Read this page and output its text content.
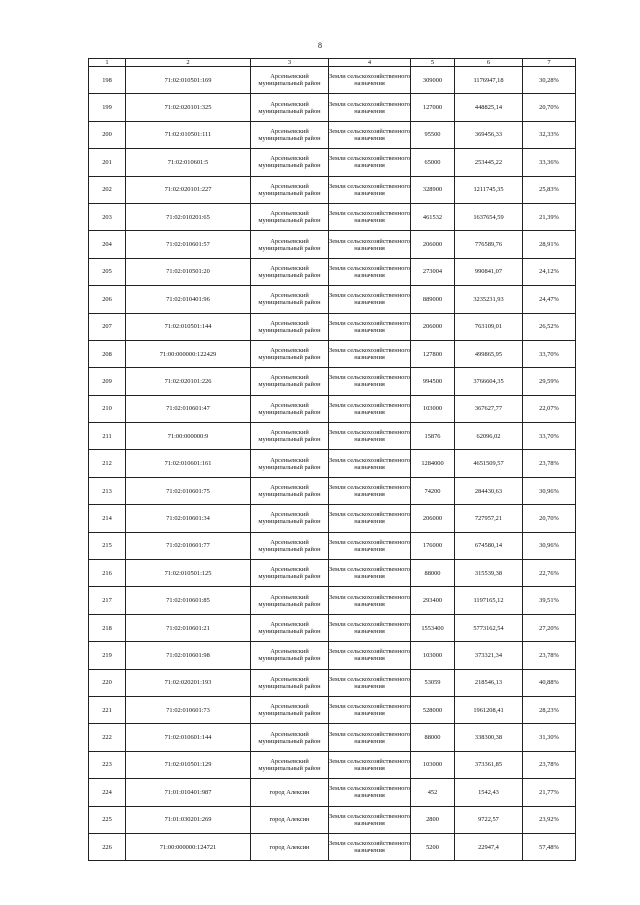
8
1	2	3	4	5	6	7
198	71:02:010501:169	Арсеньевский муниципальный район	Земли сельскохозяйственного назначения	309000	1176947,18	30,28%
199	71:02:020101:325	Арсеньевский муниципальный район	Земли сельскохозяйственного назначения	127000	448825,14	20,70%
200	71:02:010501:111	Арсеньевский муниципальный район	Земли сельскохозяйственного назначения	95500	369456,33	32,33%
201	71:02:010601:5	Арсеньевский муниципальный район	Земли сельскохозяйственного назначения	65000	253445,22	33,36%
202	71:02:020101:227	Арсеньевский муниципальный район	Земли сельскохозяйственного назначения	328900	1211745,35	25,83%
203	71:02:010201:65	Арсеньевский муниципальный район	Земли сельскохозяйственного назначения	461532	1637654,59	21,39%
204	71:02:010601:57	Арсеньевский муниципальный район	Земли сельскохозяйственного назначения	206000	776589,76	28,91%
205	71:02:010501:20	Арсеньевский муниципальный район	Земли сельскохозяйственного назначения	273004	990841,07	24,12%
206	71:02:010401:96	Арсеньевский муниципальный район	Земли сельскохозяйственного назначения	889000	3235231,93	24,47%
207	71:02:010501:144	Арсеньевский муниципальный район	Земли сельскохозяйственного назначения	206000	763109,01	26,52%
208	71:00:000000:122429	Арсеньевский муниципальный район	Земли сельскохозяйственного назначения	127800	499865,95	33,70%
209	71:02:020101:226	Арсеньевский муниципальный район	Земли сельскохозяйственного назначения	994500	3766604,35	29,59%
210	71:02:010601:47	Арсеньевский муниципальный район	Земли сельскохозяйственного назначения	103000	367627,77	22,07%
211	71:00:000000:9	Арсеньевский муниципальный район	Земли сельскохозяйственного назначения	15876	62096,02	33,70%
212	71:02:010601:161	Арсеньевский муниципальный район	Земли сельскохозяйственного назначения	1284000	4651509,57	23,78%
213	71:02:010601:75	Арсеньевский муниципальный район	Земли сельскохозяйственного назначения	74200	284430,63	30,96%
214	71:02:010601:34	Арсеньевский муниципальный район	Земли сельскохозяйственного назначения	206000	727957,21	20,70%
215	71:02:010601:77	Арсеньевский муниципальный район	Земли сельскохозяйственного назначения	176000	674580,14	30,96%
216	71:02:010501:125	Арсеньевский муниципальный район	Земли сельскохозяйственного назначения	88000	315539,38	22,76%
217	71:02:010601:85	Арсеньевский муниципальный район	Земли сельскохозяйственного назначения	293400	1197165,12	39,51%
218	71:02:010601:21	Арсеньевский муниципальный район	Земли сельскохозяйственного назначения	1553400	5773162,54	27,20%
219	71:02:010601:98	Арсеньевский муниципальный район	Земли сельскохозяйственного назначения	103000	373321,34	23,78%
220	71:02:020201:193	Арсеньевский муниципальный район	Земли сельскохозяйственного назначения	53059	218546,13	40,88%
221	71:02:010601:73	Арсеньевский муниципальный район	Земли сельскохозяйственного назначения	528000	1961208,41	28,23%
222	71:02:010601:144	Арсеньевский муниципальный район	Земли сельскохозяйственного назначения	88000	338300,38	31,30%
223	71:02:010501:129	Арсеньевский муниципальный район	Земли сельскохозяйственного назначения	103000	373361,85	23,78%
224	71:01:010401:987	город Алексин	Земли сельскохозяйственного назначения	452	1542,43	21,77%
225	71:01:030201:269	город Алексин	Земли сельскохозяйственного назначения	2800	9722,57	23,92%
226	71:00:000000:124721	город Алексин	Земли сельскохозяйственного назначения	5200	22947,4	57,48%
